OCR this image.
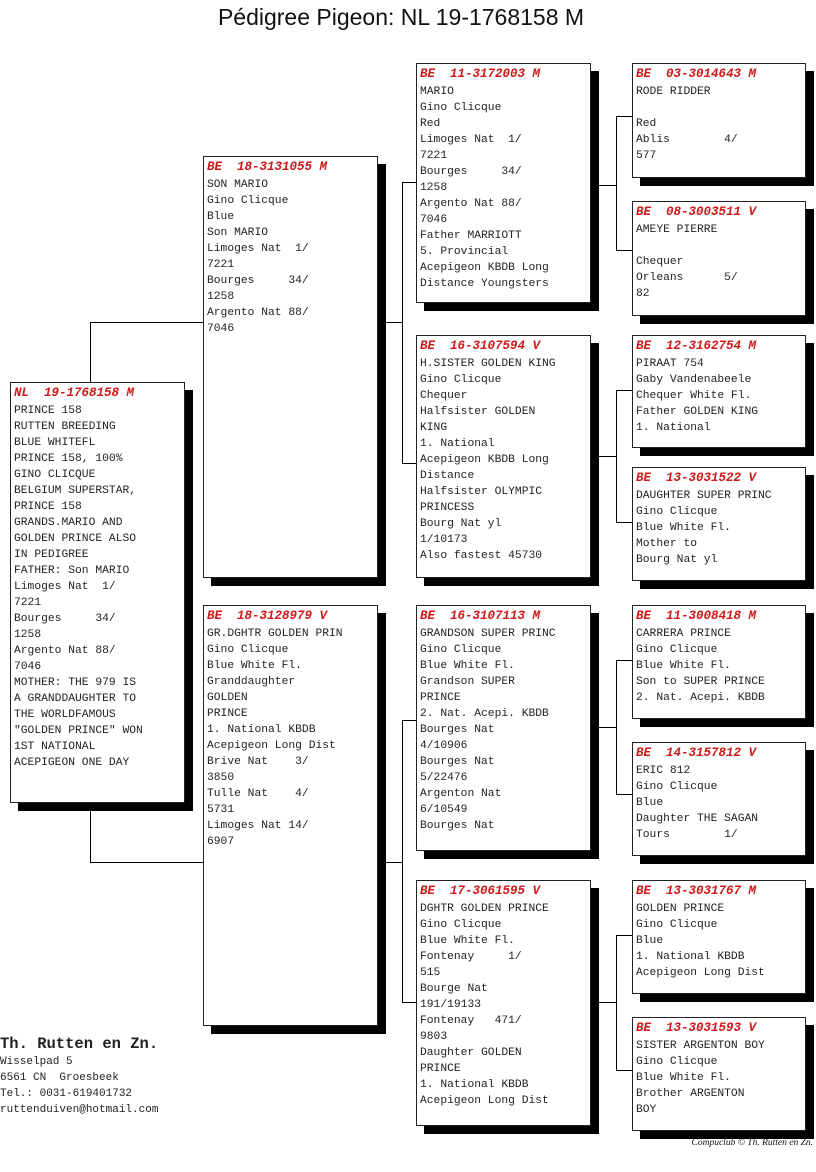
Pédigree Pigeon: NL 19-1768158 M
NL  19-1768158 M
PRINCE 158
RUTTEN BREEDING
BLUE WHITEFL
PRINCE 158, 100%
GINO CLICQUE
BELGIUM SUPERSTAR,
PRINCE 158
GRANDS.MARIO AND
GOLDEN PRINCE ALSO
IN PEDIGREE
FATHER: Son MARIO
Limoges Nat  1/
7221
Bourges     34/
1258
Argento Nat 88/
7046
MOTHER: THE 979 IS
A GRANDDAUGHTER TO
THE WORLDFAMOUS
"GOLDEN PRINCE" WON
1ST NATIONAL
ACEPIGEON ONE DAY
BE  18-3131055 M
SON MARIO
Gino Clicque
Blue
Son MARIO
Limoges Nat  1/
7221
Bourges     34/
1258
Argento Nat 88/
7046
BE  18-3128979 V
GR.DGHTR GOLDEN PRIN
Gino Clicque
Blue White Fl.
Granddaughter
GOLDEN
PRINCE
1. National KBDB
Acepigeon Long Dist
Brive Nat    3/
3850
Tulle Nat    4/
5731
Limoges Nat 14/
6907
BE  11-3172003 M
MARIO
Gino Clicque
Red
Limoges Nat  1/
7221
Bourges     34/
1258
Argento Nat 88/
7046
Father MARRIOTT
5. Provincial
Acepigeon KBDB Long
Distance Youngsters
BE  16-3107594 V
H.SISTER GOLDEN KING
Gino Clicque
Chequer
Halfsister GOLDEN
KING
1. National
Acepigeon KBDB Long
Distance
Halfsister OLYMPIC
PRINCESS
Bourg Nat yl
1/10173
Also fastest 45730
BE  16-3107113 M
GRANDSON SUPER PRINC
Gino Clicque
Blue White Fl.
Grandson SUPER
PRINCE
2. Nat. Acepi. KBDB
Bourges Nat
4/10906
Bourges Nat
5/22476
Argenton Nat
6/10549
Bourges Nat
BE  17-3061595 V
DGHTR GOLDEN PRINCE
Gino Clicque
Blue White Fl.
Fontenay     1/
515
Bourge Nat
191/19133
Fontenay   471/
9803
Daughter GOLDEN
PRINCE
1. National KBDB
Acepigeon Long Dist
BE  03-3014643 M
RODE RIDDER
Red
Ablis        4/
577
BE  08-3003511 V
AMEYE PIERRE
Chequer
Orleans      5/
82
BE  12-3162754 M
PIRAAT 754
Gaby Vandenabeele
Chequer White Fl.
Father GOLDEN KING
1. National
BE  13-3031522 V
DAUGHTER SUPER PRINC
Gino Clicque
Blue White Fl.
Mother to
Bourg Nat yl
BE  11-3008418 M
CARRERA PRINCE
Gino Clicque
Blue White Fl.
Son to SUPER PRINCE
2. Nat. Acepi. KBDB
BE  14-3157812 V
ERIC 812
Gino Clicque
Blue
Daughter THE SAGAN
Tours        1/
BE  13-3031767 M
GOLDEN PRINCE
Gino Clicque
Blue
1. National KBDB
Acepigeon Long Dist
BE  13-3031593 V
SISTER ARGENTON BOY
Gino Clicque
Blue White Fl.
Brother ARGENTON
BOY
Th. Rutten en Zn.
Wisselpad 5
6561 CN  Groesbeek
Tel.: 0031-619401732
ruttenduiven@hotmail.com
Compuclub © Th. Rutten en Zn.
